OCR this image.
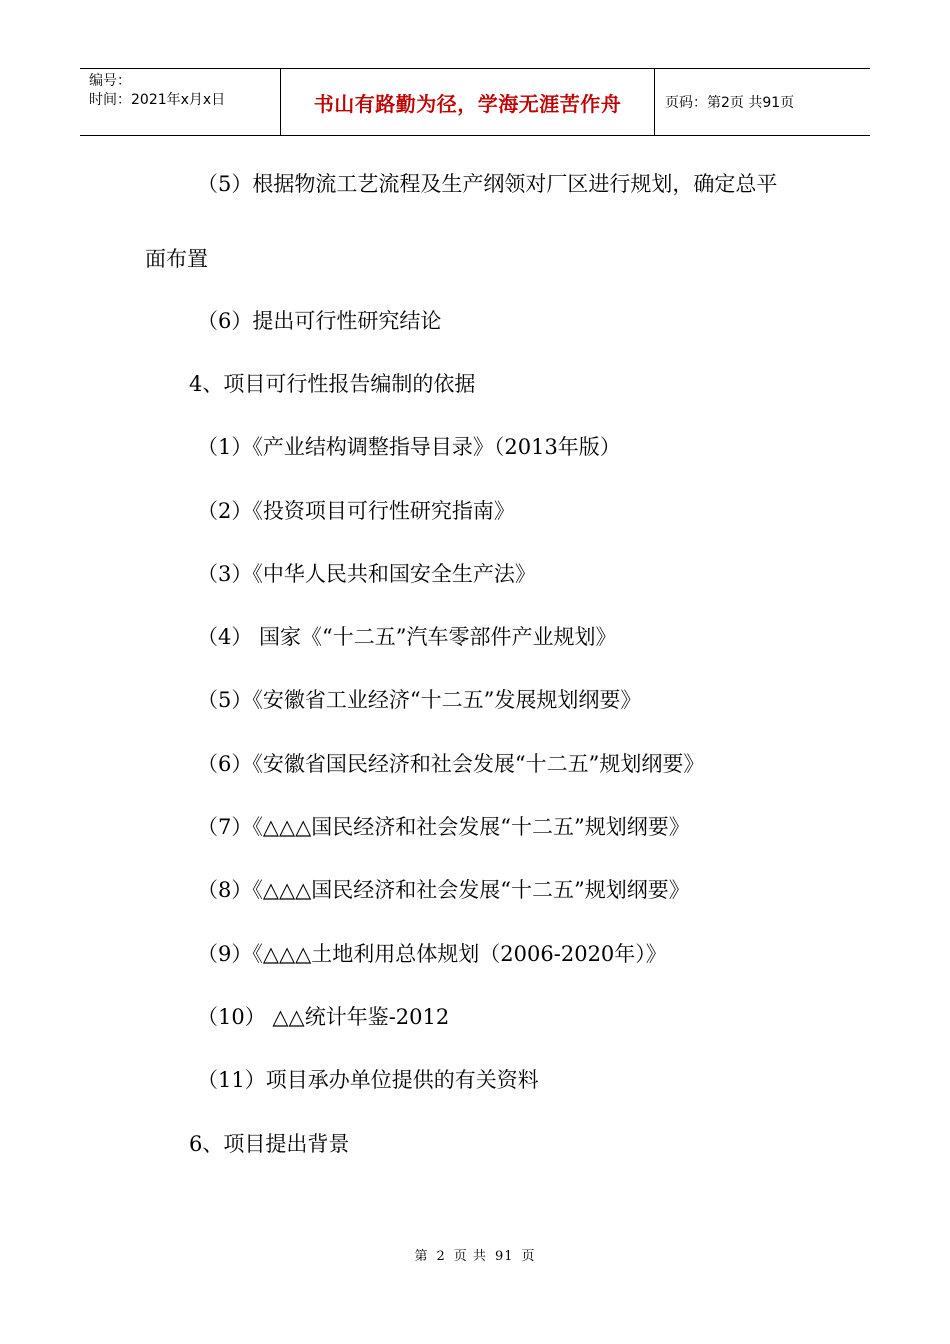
编号：
时间：2021年x月x日	书山有路勤为径，学海无涯苦作舟	页码：第2页 共91页
（5）根据物流工艺流程及生产纲领对厂区进行规划，确定总平
面布置
（6）提出可行性研究结论
4、项目可行性报告编制的依据
（1）《产业结构调整指导目录》（2013年版）
（2）《投资项目可行性研究指南》
（3）《中华人民共和国安全生产法》
（4） 国家《“十二五”汽车零部件产业规划》
（5）《安徽省工业经济“十二五”发展规划纲要》
（6）《安徽省国民经济和社会发展“十二五”规划纲要》
（7）《△△△国民经济和社会发展“十二五”规划纲要》
（8）《△△△国民经济和社会发展“十二五”规划纲要》
（9）《△△△土地利用总体规划（2006-2020年）》
（10） △△统计年鉴-2012
（11）项目承办单位提供的有关资料
6、项目提出背景
第 2 页 共 91 页
